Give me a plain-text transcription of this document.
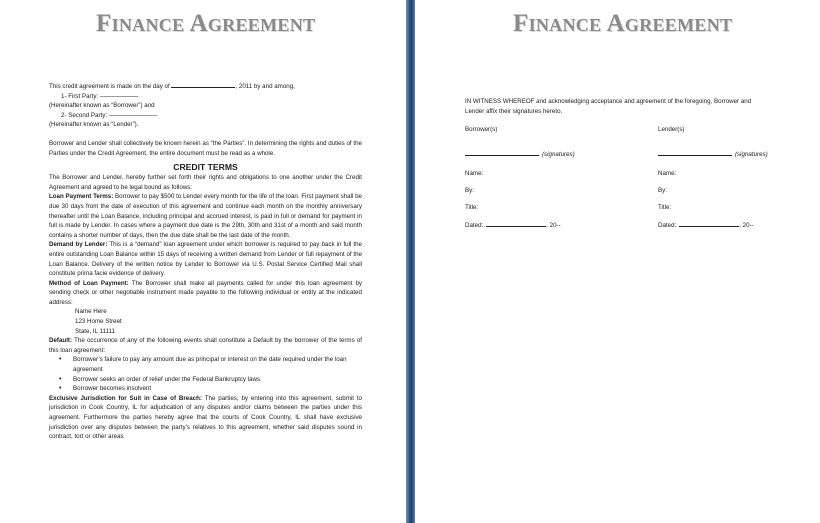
Finance Agreement
This credit agreement is made on the day of	, 2011 by and among,
1- First Party: -----------------------
(Hereinafter known as “Borrower”) and
2- Second Party: -----------------------------
(Hereinafter known as “Lender”).

Borrower and Lender shall collectively be known herein as “the Parties”. In determining the rights and duties of the Parties under the Credit Agreement, the entire document must be read as a whole.

CREDIT TERMS

The Borrower and Lender, hereby further set forth their rights and obligations to one another under the Credit Agreement and agreed to be legal bound as follows:

Loan Payment Terms: Borrower to pay $500 to Lender every month for the life of the loan. First payment shall be due 30 days from the date of execution of this agreement and continue each month on the monthly anniversary thereafter until the Loan Balance, including principal and accrued interest, is paid in full or demand for payment in full is made by Lender. In cases where a payment due date is the 29th, 30th and 31st of a month and said month contains a shorter number of days, then the due date shall be the last date of the month.

Demand by Lender: This is a “demand” loan agreement under which borrower is required to pay back in full the entire outstanding Loan Balance within 15 days of receiving a written demand from Lender or full repayment of the Loan Balance. Delivery of the written notice by Lender to Borrower via U.S. Postal Service Certified Mail shall constitute prima facie evidence of delivery.

Method of Loan Payment: The Borrower shall make all payments called for under this loan agreement by sending check or other negotiable instrument made payable to the following individual or entity at the indicated address:

Name Here
123 Home Street
State, IL 11111

Default: The occurrence of any of the following events shall constitute a Default by the borrower of the terms of this loan agreement:

• Borrower’s failure to pay any amount due as principal or interest on the date required under the loan agreement
• Borrower seeks an order of relief under the Federal Bankruptcy laws
• Borrower becomes insolvent

Exclusive Jurisdiction for Suit in Case of Breach: The parties, by entering into this agreement, submit to jurisdiction in Cook Country, IL for adjudication of any disputes and/or claims between the parties under this agreement. Furthermore the parties hereby agree that the courts of Cook Country, IL shall have exclusive jurisdiction over any disputes between the party’s relatives to this agreement, whether said disputes sound in contract, tort or other areas

Finance Agreement

IN WITNESS WHEREOF and acknowledging acceptance and agreement of the foregoing, Borrower and Lender affix their signatures hereto.

Borrower(s)
(signatures)
Name:
By:
Title:
Dated:	, 20--
Lender(s)
(signatures)
Name:
By:
Title:
Dated:	, 20--
